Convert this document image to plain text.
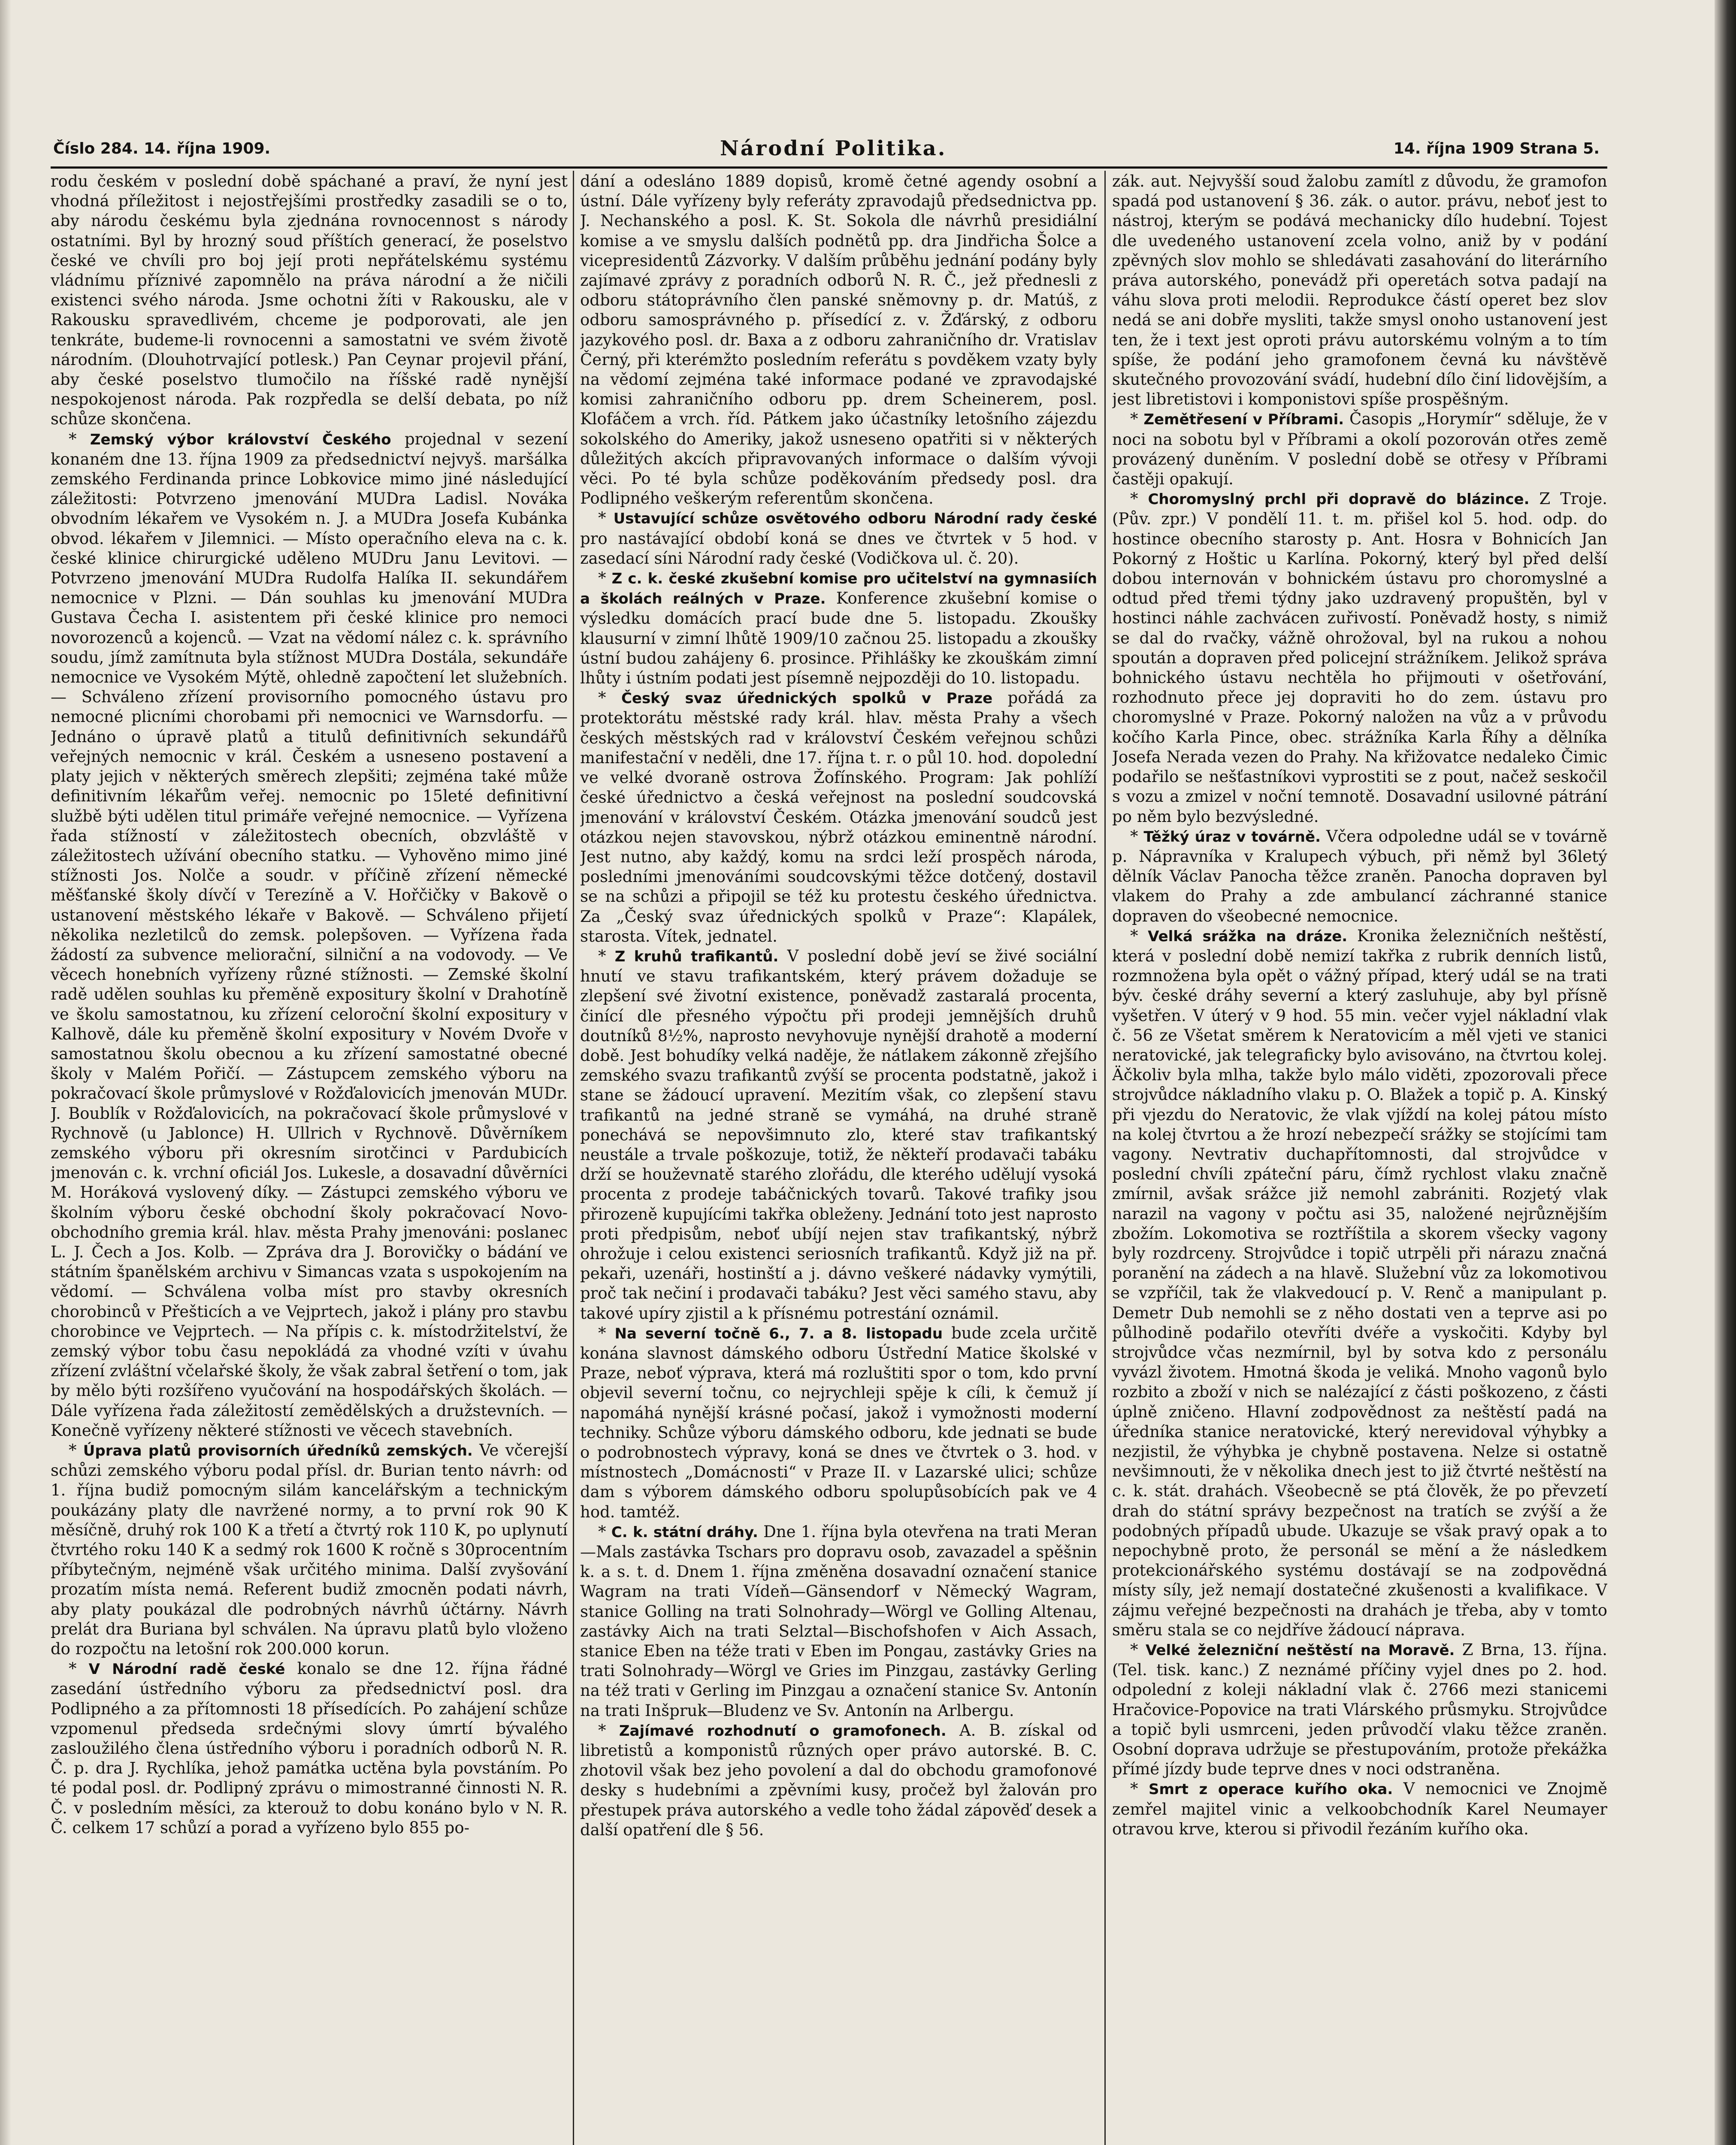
Číslo 284. 14. října 1909.	Národní Politika.	14. října 1909 Strana 5.

rodu českém v poslední době spáchané a praví, že nyní jest vhodná příležitost i nejostřejšími prostředky zasadili se o to, aby národu českému byla zjednána rovnocennost s národy ostatními. Byl by hrozný soud příštích generací, že poselstvo české ve chvíli pro boj její proti nepřátelskému systému vládnímu příznivé zapomnělo na práva národní a že ničili existenci svého národa. Jsme ochotni žíti v Rakousku, ale v Rakousku spravedlivém, chceme je podporovati, ale jen tenkráte, budeme-li rovnocenni a samostatni ve svém životě národním. (Dlouhotrvající potlesk.) Pan Ceynar projevil přání, aby české poselstvo tlumočilo na říšské radě nynější nespokojenost národa. Pak rozpředla se delší debata, po níž schůze skončena.

* Zemský výbor království Českého projednal v sezení konaném dne 13. října 1909 za předsednictví nejvyš. maršálka zemského Ferdinanda prince Lobkovice mimo jiné následující záležitosti: Potvrzeno jmenování MUDra Ladisl. Nováka obvodním lékařem ve Vysokém n. J. a MUDra Josefa Kubánka obvod. lékařem v Jilemnici. — Místo operačního eleva na c. k. české klinice chirurgické uděleno MUDru Janu Levitovi. — Potvrzeno jmenování MUDra Rudolfa Halíka II. sekundářem nemocnice v Plzni. — Dán souhlas ku jmenování MUDra Gustava Čecha I. asistentem při české klinice pro nemoci novorozenců a kojenců. — Vzat na vědomí nález c. k. správního soudu, jímž zamítnuta byla stížnost MUDra Dostála, sekundáře nemocnice ve Vysokém Mýtě, ohledně započtení let služebních. — Schváleno zřízení provisorního pomocného ústavu pro nemocné plicními chorobami při nemocnici ve Warnsdorfu. — Jednáno o úpravě platů a titulů definitivních sekundářů veřejných nemocnic v král. Českém a usneseno postavení a platy jejich v některých směrech zlepšiti; zejména také může definitivním lékařům veřej. nemocnic po 15leté definitivní službě býti udělen titul primáře veřejné nemocnice. — Vyřízena řada stížností v záležitostech obecních, obzvláště v záležitostech užívání obecního statku. — Vyhověno mimo jiné stížnosti Jos. Nolče a soudr. v příčině zřízení německé měšťanské školy dívčí v Terezíně a V. Hořčičky v Bakově o ustanovení městského lékaře v Bakově. — Schváleno přijetí několika nezletilců do zemsk. polepšoven. — Vyřízena řada žádostí za subvence meliorační, silniční a na vodovody. — Ve věcech honebních vyřízeny různé stížnosti. — Zemské školní radě udělen souhlas ku přeměně expositury školní v Drahotíně ve školu samostatnou, ku zřízení celoroční školní expositury v Kalhově, dále ku přeměně školní expositury v Novém Dvoře v samostatnou školu obecnou a ku zřízení samostatné obecné školy v Malém Pořičí. — Zástupcem zemského výboru na pokračovací škole průmyslové v Rožďalovicích jmenován MUDr. J. Boublík v Rožďalovicích, na pokračovací škole průmyslové v Rychnově (u Jablonce) H. Ullrich v Rychnově. Důvěrníkem zemského výboru při okresním sirotčinci v Pardubicích jmenován c. k. vrchní oficiál Jos. Lukesle, a dosavadní důvěrníci M. Horáková vyslovený díky. — Zástupci zemského výboru ve školním výboru české obchodní školy pokračovací Novo-obchodního gremia král. hlav. města Prahy jmenováni: poslanec L. J. Čech a Jos. Kolb. — Zpráva dra J. Borovičky o bádání ve státním španělském archivu v Simancas vzata s uspokojením na vědomí. — Schválena volba míst pro stavby okresních chorobinců v Přešticích a ve Vejprtech, jakož i plány pro stavbu chorobince ve Vejprtech. — Na přípis c. k. místodržitelství, že zemský výbor tobu času nepokládá za vhodné vzíti v úvahu zřízení zvláštní včelařské školy, že však zabral šetření o tom, jak by mělo býti rozšířeno vyučování na hospodářských školách. — Dále vyřízena řada záležitostí zemědělských a družstevních. — Konečně vyřízeny některé stížnosti ve věcech stavebních.

* Úprava platů provisorních úředníků zemských. Ve včerejší schůzi zemského výboru podal přísl. dr. Burian tento návrh: od 1. října budiž pomocným silám kancelářským a technickým poukázány platy dle navržené normy, a to první rok 90 K měsíčně, druhý rok 100 K a třetí a čtvrtý rok 110 K, po uplynutí čtvrtého roku 140 K a sedmý rok 1600 K ročně s 30procentním příbytečným, nejméně však určitého minima. Další zvyšování prozatím místa nemá. Referent budiž zmocněn podati návrh, aby platy poukázal dle podrobných návrhů účtárny. Návrh prelát dra Buriana byl schválen. Na úpravu platů bylo vloženo do rozpočtu na letošní rok 200.000 korun.

* V Národní radě české konalo se dne 12. října řádné zasedání ústředního výboru za předsednictví posl. dra Podlipného a za přítomnosti 18 přísedících. Po zahájení schůze vzpomenul předseda srdečnými slovy úmrtí bývalého zasloužilého člena ústředního výboru i poradních odborů N. R. Č. p. dra J. Rychlíka, jehož památka uctěna byla povstáním. Po té podal posl. dr. Podlipný zprávu o mimostranné činnosti N. R. Č. v posledním měsíci, za kterouž to dobu konáno bylo v N. R. Č. celkem 17 schůzí a porad a vyřízeno bylo 855 po-

dání a odesláno 1889 dopisů, kromě četné agendy osobní a ústní. Dále vyřízeny byly referáty zpravodajů předsednictva pp. J. Nechanského a posl. K. St. Sokola dle návrhů presidiální komise a ve smyslu dalších podnětů pp. dra Jindřicha Šolce a vicepresidentů Zázvorky. V dalším průběhu jednání podány byly zajímavé zprávy z poradních odborů N. R. Č., jež přednesli z odboru státoprávního člen panské sněmovny p. dr. Matúš, z odboru samosprávného p. přísedící z. v. Žďárský, z odboru jazykového posl. dr. Baxa a z odboru zahraničního dr. Vratislav Černý, při kterémžto posledním referátu s povděkem vzaty byly na vědomí zejména také informace podané ve zpravodajské komisi zahraničního odboru pp. drem Scheinerem, posl. Klofáčem a vrch. říd. Pátkem jako účastníky letošního zájezdu sokolského do Ameriky, jakož usneseno opatřiti si v některých důležitých akcích připravovaných informace o dalším vývoji věci. Po té byla schůze poděkováním předsedy posl. dra Podlipného veškerým referentům skončena.

* Ustavující schůze osvětového odboru Národní rady české pro nastávající období koná se dnes ve čtvrtek v 5 hod. v zasedací síni Národní rady české (Vodičkova ul. č. 20).

* Z c. k. české zkušební komise pro učitelství na gymnasiích a školách reálných v Praze. Konference zkušební komise o výsledku domácích prací bude dne 5. listopadu. Zkoušky klausurní v zimní lhůtě 1909/10 začnou 25. listopadu a zkoušky ústní budou zahájeny 6. prosince. Přihlášky ke zkouškám zimní lhůty i ústním podati jest písemně nejpozději do 10. listopadu.

* Český svaz úřednických spolků v Praze pořádá za protektorátu městské rady král. hlav. města Prahy a všech českých městských rad v království Českém veřejnou schůzi manifestační v neděli, dne 17. října t. r. o půl 10. hod. dopolední ve velké dvoraně ostrova Žofínského. Program: Jak pohlíží české úřednictvo a česká veřejnost na poslední soudcovská jmenování v království Českém. Otázka jmenování soudců jest otázkou nejen stavovskou, nýbrž otázkou eminentně národní. Jest nutno, aby každý, komu na srdci leží prospěch národa, posledními jmenováními soudcovskými těžce dotčený, dostavil se na schůzi a připojil se též ku protestu českého úřednictva. Za „Český svaz úřednických spolků v Praze“: Klapálek, starosta. Vítek, jednatel.

* Z kruhů trafikantů. V poslední době jeví se živé sociální hnutí ve stavu trafikantském, který právem dožaduje se zlepšení své životní existence, poněvadž zastaralá procenta, činící dle přesného výpočtu při prodeji jemnějších druhů doutníků 8½%, naprosto nevyhovuje nynější drahotě a moderní době. Jest bohudíky velká naděje, že nátlakem zákonně zřejšího zemského svazu trafikantů zvýší se procenta podstatně, jakož i stane se žádoucí upravení. Mezitím však, co zlepšení stavu trafikantů na jedné straně se vymáhá, na druhé straně ponechává se nepovšimnuto zlo, které stav trafikantský neustále a trvale poškozuje, totiž, že někteří prodavači tabáku drží se houževnatě starého zlořádu, dle kterého udělují vysoká procenta z prodeje tabáčnických tovarů. Takové trafiky jsou přirozeně kupujícími takřka obleženy. Jednání toto jest naprosto proti předpisům, neboť ubíjí nejen stav trafikantský, nýbrž ohrožuje i celou existenci seriosních trafikantů. Když již na př. pekaři, uzenáři, hostinští a j. dávno veškeré nádavky vymýtili, proč tak nečiní i prodavači tabáku? Jest věci samého stavu, aby takové upíry zjistil a k přísnému potrestání oznámil.

* Na severní točně 6., 7. a 8. listopadu bude zcela určitě konána slavnost dámského odboru Ústřední Matice školské v Praze, neboť výprava, která má rozluštiti spor o tom, kdo první objevil severní točnu, co nejrychleji spěje k cíli, k čemuž jí napomáhá nynější krásné počasí, jakož i vymožnosti moderní techniky. Schůze výboru dámského odboru, kde jednati se bude o podrobnostech výpravy, koná se dnes ve čtvrtek o 3. hod. v místnostech „Domácnosti“ v Praze II. v Lazarské ulici; schůze dam s výborem dámského odboru spolupůsobících pak ve 4 hod. tamtéž.

* C. k. státní dráhy. Dne 1. října byla otevřena na trati Meran—Mals zastávka Tschars pro dopravu osob, zavazadel a spěšnin k. a s. t. d. Dnem 1. října změněna dosavadní označení stanice Wagram na trati Vídeň—Gänsendorf v Německý Wagram, stanice Golling na trati Solnohrady—Wörgl ve Golling Altenau, zastávky Aich na trati Selztal—Bischofshofen v Aich Assach, stanice Eben na téže trati v Eben im Pongau, zastávky Gries na trati Solnohrady—Wörgl ve Gries im Pinzgau, zastávky Gerling na též trati v Gerling im Pinzgau a označení stanice Sv. Antonín na trati Inšpruk—Bludenz ve Sv. Antonín na Arlbergu.

* Zajímavé rozhodnutí o gramofonech. A. B. získal od libretistů a komponistů různých oper právo autorské. B. C. zhotovil však bez jeho povolení a dal do obchodu gramofonové desky s hudebními a zpěvními kusy, pročež byl žalován pro přestupek práva autorského a vedle toho žádal zápověď desek a další opatření dle § 56.

zák. aut. Nejvyšší soud žalobu zamítl z důvodu, že gramofon spadá pod ustanovení § 36. zák. o autor. právu, neboť jest to nástroj, kterým se podává mechanicky dílo hudební. Tojest dle uvedeného ustanovení zcela volno, aniž by v podání zpěvných slov mohlo se shledávati zasahování do literárního práva autorského, ponevádž při operetách sotva padají na váhu slova proti melodii. Reprodukce částí operet bez slov nedá se ani dobře mysliti, takže smysl onoho ustanovení jest ten, že i text jest oproti právu autorskému volným a to tím spíše, že podání jeho gramofonem čevná ku návštěvě skutečného provozování svádí, hudební dílo činí lidovějším, a jest libretistovi i komponistovi spíše prospěšným.

* Zemětřesení v Příbrami. Časopis „Horymír“ sděluje, že v noci na sobotu byl v Příbrami a okolí pozorován otřes země provázený duněním. V poslední době se otřesy v Příbrami častěji opakují.

* Choromyslný prchl při dopravě do blázince. Z Troje. (Pův. zpr.) V pondělí 11. t. m. přišel kol 5. hod. odp. do hostince obecního starosty p. Ant. Hosra v Bohnicích Jan Pokorný z Hoštic u Karlína. Pokorný, který byl před delší dobou internován v bohnickém ústavu pro choromyslné a odtud před třemi týdny jako uzdravený propuštěn, byl v hostinci náhle zachvácen zuřivostí. Poněvadž hosty, s nimiž se dal do rvačky, vážně ohrožoval, byl na rukou a nohou spoután a dopraven před policejní strážníkem. Jelikož správa bohnického ústavu nechtěla ho přijmouti v ošetřování, rozhodnuto přece jej dopraviti ho do zem. ústavu pro choromyslné v Praze. Pokorný naložen na vůz a v průvodu kočího Karla Pince, obec. strážníka Karla Říhy a dělníka Josefa Nerada vezen do Prahy. Na křižovatce nedaleko Čimic podařilo se nešťastníkovi vyprostiti se z pout, načež seskočil s vozu a zmizel v noční temnotě. Dosavadní usilovné pátrání po něm bylo bezvýsledné.

* Těžký úraz v továrně. Včera odpoledne udál se v továrně p. Nápravníka v Kralupech výbuch, při němž byl 36letý dělník Václav Panocha těžce zraněn. Panocha dopraven byl vlakem do Prahy a zde ambulancí záchranné stanice dopraven do všeobecné nemocnice.

* Velká srážka na dráze. Kronika železničních neštěstí, která v poslední době nemizí takřka z rubrik denních listů, rozmnožena byla opět o vážný případ, který udál se na trati býv. české dráhy severní a který zasluhuje, aby byl přísně vyšetřen. V úterý v 9 hod. 55 min. večer vyjel nákladní vlak č. 56 ze Všetat směrem k Neratovicím a měl vjeti ve stanici neratovické, jak telegraficky bylo avisováno, na čtvrtou kolej. Äčkoliv byla mlha, takže bylo málo viděti, zpozorovali přece strojvůdce nákladního vlaku p. O. Blažek a topič p. A. Kinský při vjezdu do Neratovic, že vlak vjíždí na kolej pátou místo na kolej čtvrtou a že hrozí nebezpečí srážky se stojícími tam vagony. Nevtrativ duchapřítomnosti, dal strojvůdce v poslední chvíli zpáteční páru, čímž rychlost vlaku značně zmírnil, avšak srážce již nemohl zabrániti. Rozjetý vlak narazil na vagony v počtu asi 35, naložené nejrůznějším zbožím. Lokomotiva se roztříštila a skorem všecky vagony byly rozdrceny. Strojvůdce i topič utrpěli při nárazu značná poranění na zádech a na hlavě. Služební vůz za lokomotivou se vzpříčil, tak že vlakvedoucí p. V. Renč a manipulant p. Demetr Dub nemohli se z něho dostati ven a teprve asi po půlhodině podařilo otevříti dvéře a vyskočiti. Kdyby byl strojvůdce včas nezmírnil, byl by sotva kdo z personálu vyvázl životem. Hmotná škoda je veliká. Mnoho vagonů bylo rozbito a zboží v nich se nalézající z části poškozeno, z části úplně zničeno. Hlavní zodpovědnost za neštěstí padá na úředníka stanice neratovické, který nerevidoval výhybky a nezjistil, že výhybka je chybně postavena. Nelze si ostatně nevšimnouti, že v několika dnech jest to již čtvrté neštěstí na c. k. stát. drahách. Všeobecně se ptá člověk, že po převzetí drah do státní správy bezpečnost na tratích se zvýší a že podobných případů ubude. Ukazuje se však pravý opak a to nepochybně proto, že personál se mění a že následkem protekcionářského systému dostávají se na zodpovědná místy síly, jež nemají dostatečné zkušenosti a kvalifikace. V zájmu veřejné bezpečnosti na drahách je třeba, aby v tomto směru stala se co nejdříve žádoucí náprava.

* Velké železniční neštěstí na Moravě. Z Brna, 13. října. (Tel. tisk. kanc.) Z neznámé příčiny vyjel dnes po 2. hod. odpolední z koleji nákladní vlak č. 2766 mezi stanicemi Hračovice-Popovice na trati Vlárského průsmyku. Strojvůdce a topič byli usmrceni, jeden průvodčí vlaku těžce zraněn. Osobní doprava udržuje se přestupováním, protože překážka přímé jízdy bude teprve dnes v noci odstraněna.

* Smrt z operace kuřího oka. V nemocnici ve Znojmě zemřel majitel vinic a velkoobchodník Karel Neumayer otravou krve, kterou si přivodil řezáním kuřího oka.
